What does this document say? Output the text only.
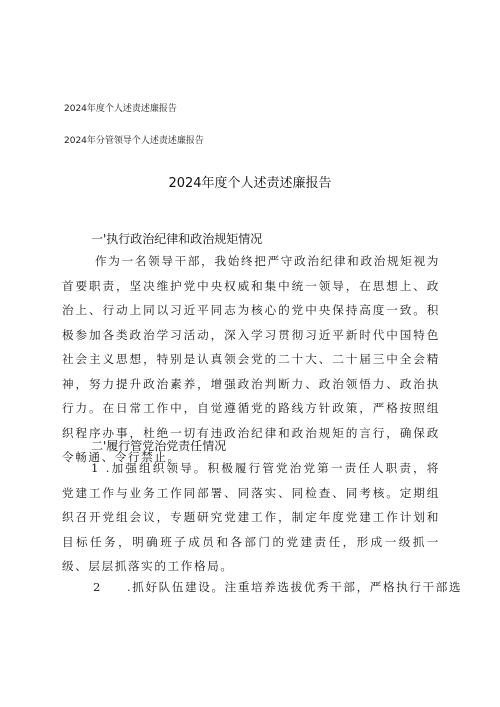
2024年度个人述责述廉报告
2024年分管领导个人述责述廉报告
2024年度个人述责述廉报告
一'执行政治纪律和政治规矩情况
作为一名领导干部，我始终把严守政治纪律和政治规矩视为首要职责，坚决维护党中央权威和集中统一领导，在思想上、政治上、行动上同以习近平同志为核心的党中央保持高度一致。积极参加各类政治学习活动，深入学习贯彻习近平新时代中国特色社会主义思想，特别是认真领会党的二十大、二十届三中全会精神，努力提升政治素养，增强政治判断力、政治领悟力、政治执行力。在日常工作中，自觉遵循党的路线方针政策，严格按照组织程序办事，杜绝一切有违政治纪律和政治规矩的言行，确保政令畅通、令行禁止。
二'履行管党治党责任情况
1 .加强组织领导。积极履行管党治党第一责任人职责，将党建工作与业务工作同部署、同落实、同检查、同考核。定期组织召开党组会议，专题研究党建工作，制定年度党建工作计划和目标任务，明确班子成员和各部门的党建责任，形成一级抓一级、层层抓落实的工作格局。
2 .抓好队伍建设。注重培养选拔优秀干部，严格执行干部选
